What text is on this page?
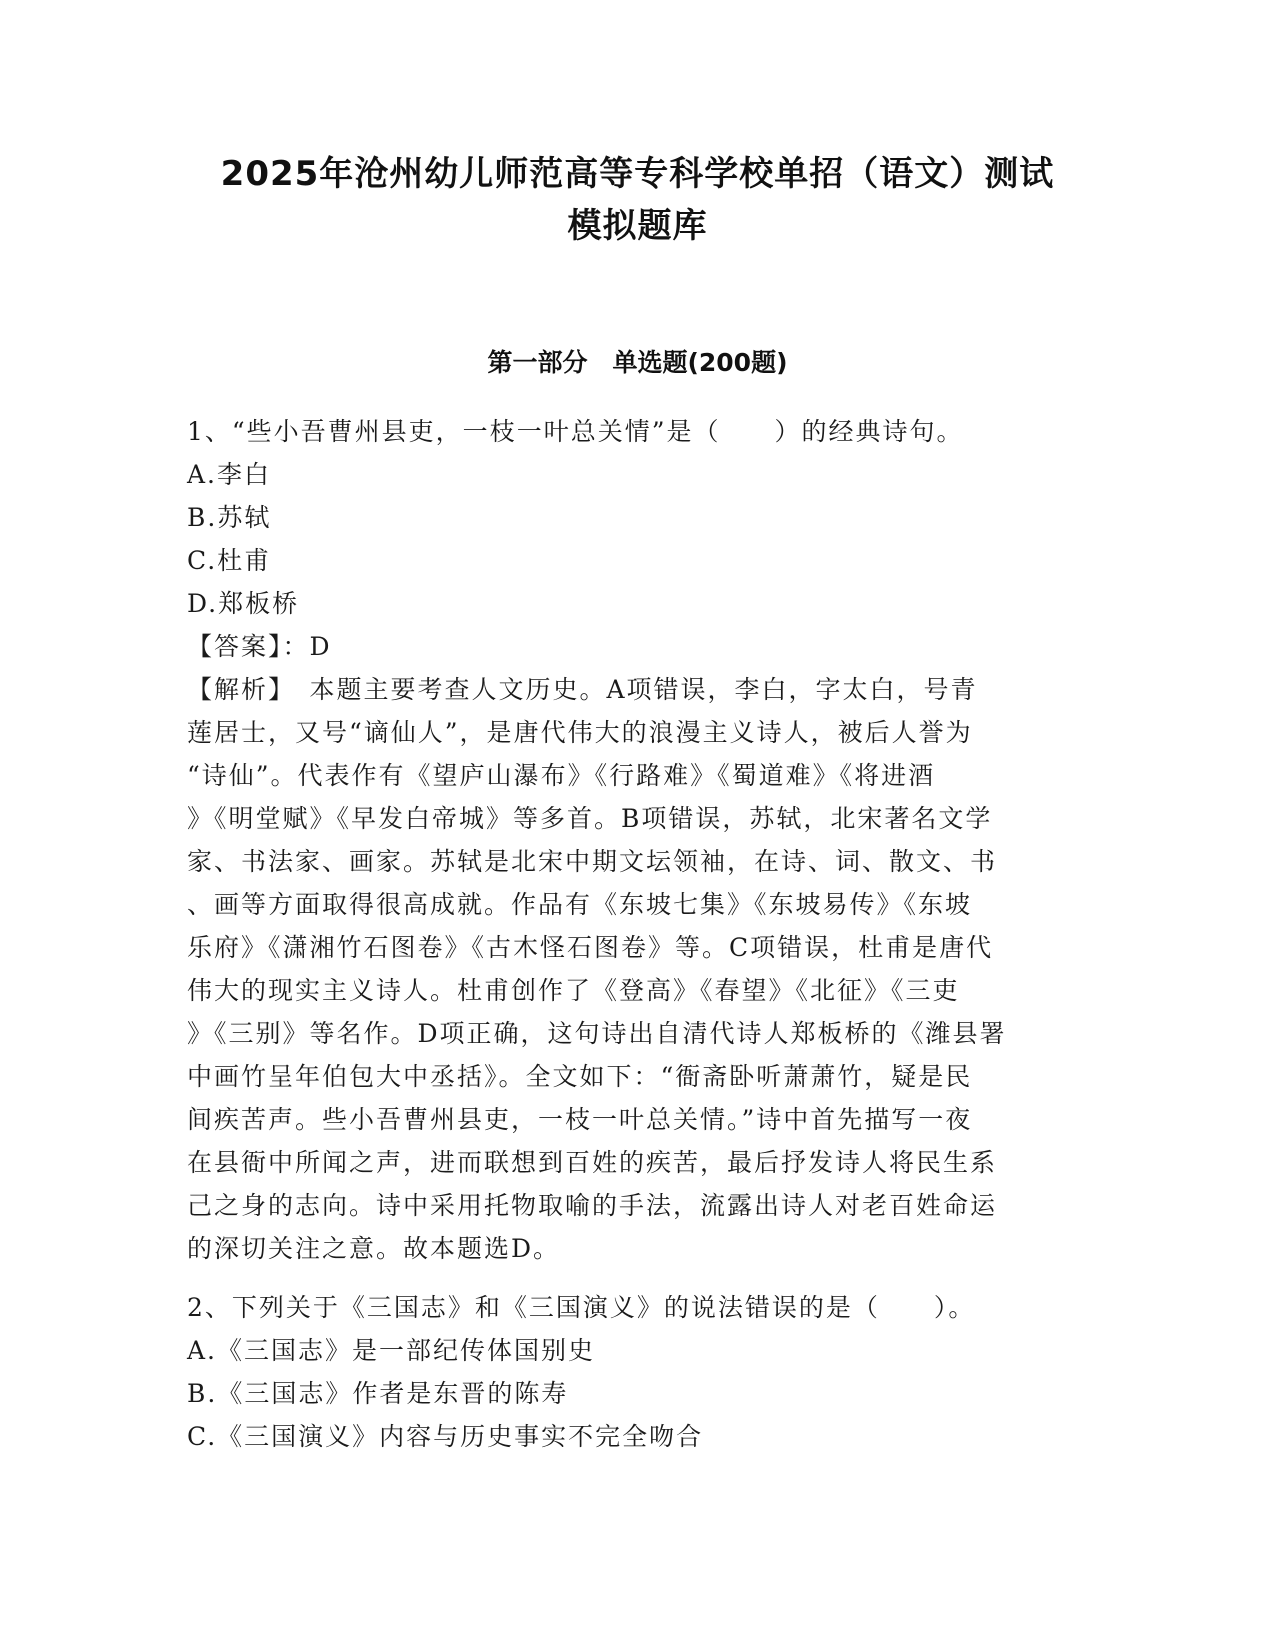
2025年沧州幼儿师范高等专科学校单招（语文）测试
模拟题库
第一部分　单选题(200题)
1、“些小吾曹州县吏，一枝一叶总关情”是（　　）的经典诗句。
A.李白
B.苏轼
C.杜甫
D.郑板桥
【答案】：D
【解析】　本题主要考查人文历史。A项错误，李白，字太白，号青
莲居士，又号“谪仙人”，是唐代伟大的浪漫主义诗人，被后人誉为
“诗仙”。代表作有《望庐山瀑布》《行路难》《蜀道难》《将进酒
》《明堂赋》《早发白帝城》等多首。B项错误，苏轼，北宋著名文学
家、书法家、画家。苏轼是北宋中期文坛领袖，在诗、词、散文、书
、画等方面取得很高成就。作品有《东坡七集》《东坡易传》《东坡
乐府》《潇湘竹石图卷》《古木怪石图卷》等。C项错误，杜甫是唐代
伟大的现实主义诗人。杜甫创作了《登高》《春望》《北征》《三吏
》《三别》等名作。D项正确，这句诗出自清代诗人郑板桥的《潍县署
中画竹呈年伯包大中丞括》。全文如下：“衙斋卧听萧萧竹，疑是民
间疾苦声。些小吾曹州县吏，一枝一叶总关情。”诗中首先描写一夜
在县衙中所闻之声，进而联想到百姓的疾苦，最后抒发诗人将民生系
己之身的志向。诗中采用托物取喻的手法，流露出诗人对老百姓命运
的深切关注之意。故本题选D。
2、下列关于《三国志》和《三国演义》的说法错误的是（　　）。
A.《三国志》是一部纪传体国别史
B.《三国志》作者是东晋的陈寿
C.《三国演义》内容与历史事实不完全吻合
